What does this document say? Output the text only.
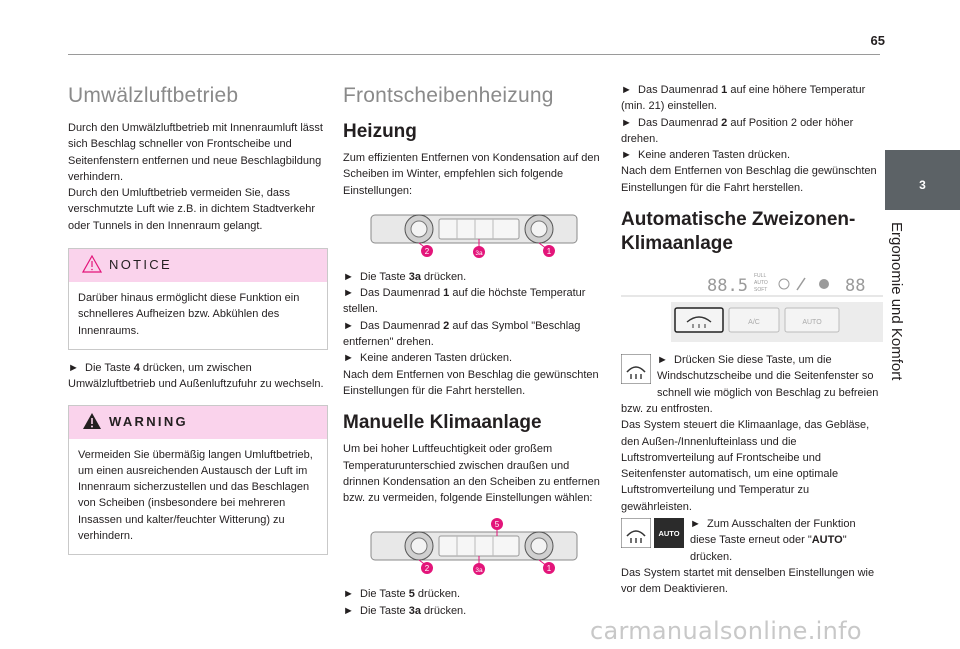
65
3
Ergonomie und Komfort
Umwälzluftbetrieb

Durch den Umwälzluftbetrieb mit Innenraumluft lässt sich Beschlag schneller von Frontscheibe und Seitenfenstern entfernen und neue Beschlagbildung verhindern.

Durch den Umluftbetrieb vermeiden Sie, dass verschmutzte Luft wie z.B. in dichtem Stadtverkehr oder Tunnels in den Innenraum gelangt.

NOTICE
Darüber hinaus ermöglicht diese Funktion ein schnelleres Aufheizen bzw. Abkühlen des Innenraums.

► Die Taste 4 drücken, um zwischen Umwälzluftbetrieb und Außenluftzufuhr zu wechseln.

WARNING
Vermeiden Sie übermäßig langen Umluftbetrieb, um einen ausreichenden Austausch der Luft im Innenraum sicherzustellen und das Beschlagen von Scheiben (insbesondere bei mehreren Insassen und kalter/feuchter Witterung) zu verhindern.
Frontscheibenheizung
Heizung

Zum effizienten Entfernen von Kondensation auf den Scheiben im Winter, empfehlen sich folgende Einstellungen:

2	3a	1

► Die Taste 3a drücken.

► Das Daumenrad 1 auf die höchste Temperatur stellen.

► Das Daumenrad 2 auf das Symbol "Beschlag entfernen" drehen.

► Keine anderen Tasten drücken.

Nach dem Entfernen von Beschlag die gewünschten Einstellungen für die Fahrt herstellen.

Manuelle Klimaanlage

Um bei hoher Luftfeuchtigkeit oder großem Temperaturunterschied zwischen draußen und drinnen Kondensation an den Scheiben zu entfernen bzw. zu vermeiden, folgende Einstellungen wählen:

5
2	3a	1

► Die Taste 5 drücken.

► Die Taste 3a drücken.

► Das Daumenrad 1 auf eine höhere Temperatur (min. 21) einstellen.

► Das Daumenrad 2 auf Position 2 oder höher drehen.

► Keine anderen Tasten drücken.

Nach dem Entfernen von Beschlag die gewünschten Einstellungen für die Fahrt herstellen.

Automatische Zweizonen-Klimaanlage
88.5 FULL
AUTO
SOFT	88
A/C	AUTO

► Drücken Sie diese Taste, um die Windschutzscheibe und die Seitenfenster so schnell wie möglich von Beschlag zu befreien bzw. zu entfrosten.

Das System steuert die Klimaanlage, das Gebläse, den Außen-/Innenlufteinlass und die Luftstromverteilung auf Frontscheibe und Seitenfenster automatisch, um eine optimale Luftstromverteilung und Temperatur zu gewährleisten.

AUTO

► Zum Ausschalten der Funktion diese Taste erneut oder "AUTO" drücken.

Das System startet mit denselben Einstellungen wie vor dem Deaktivieren.

carmanualsonline.info
